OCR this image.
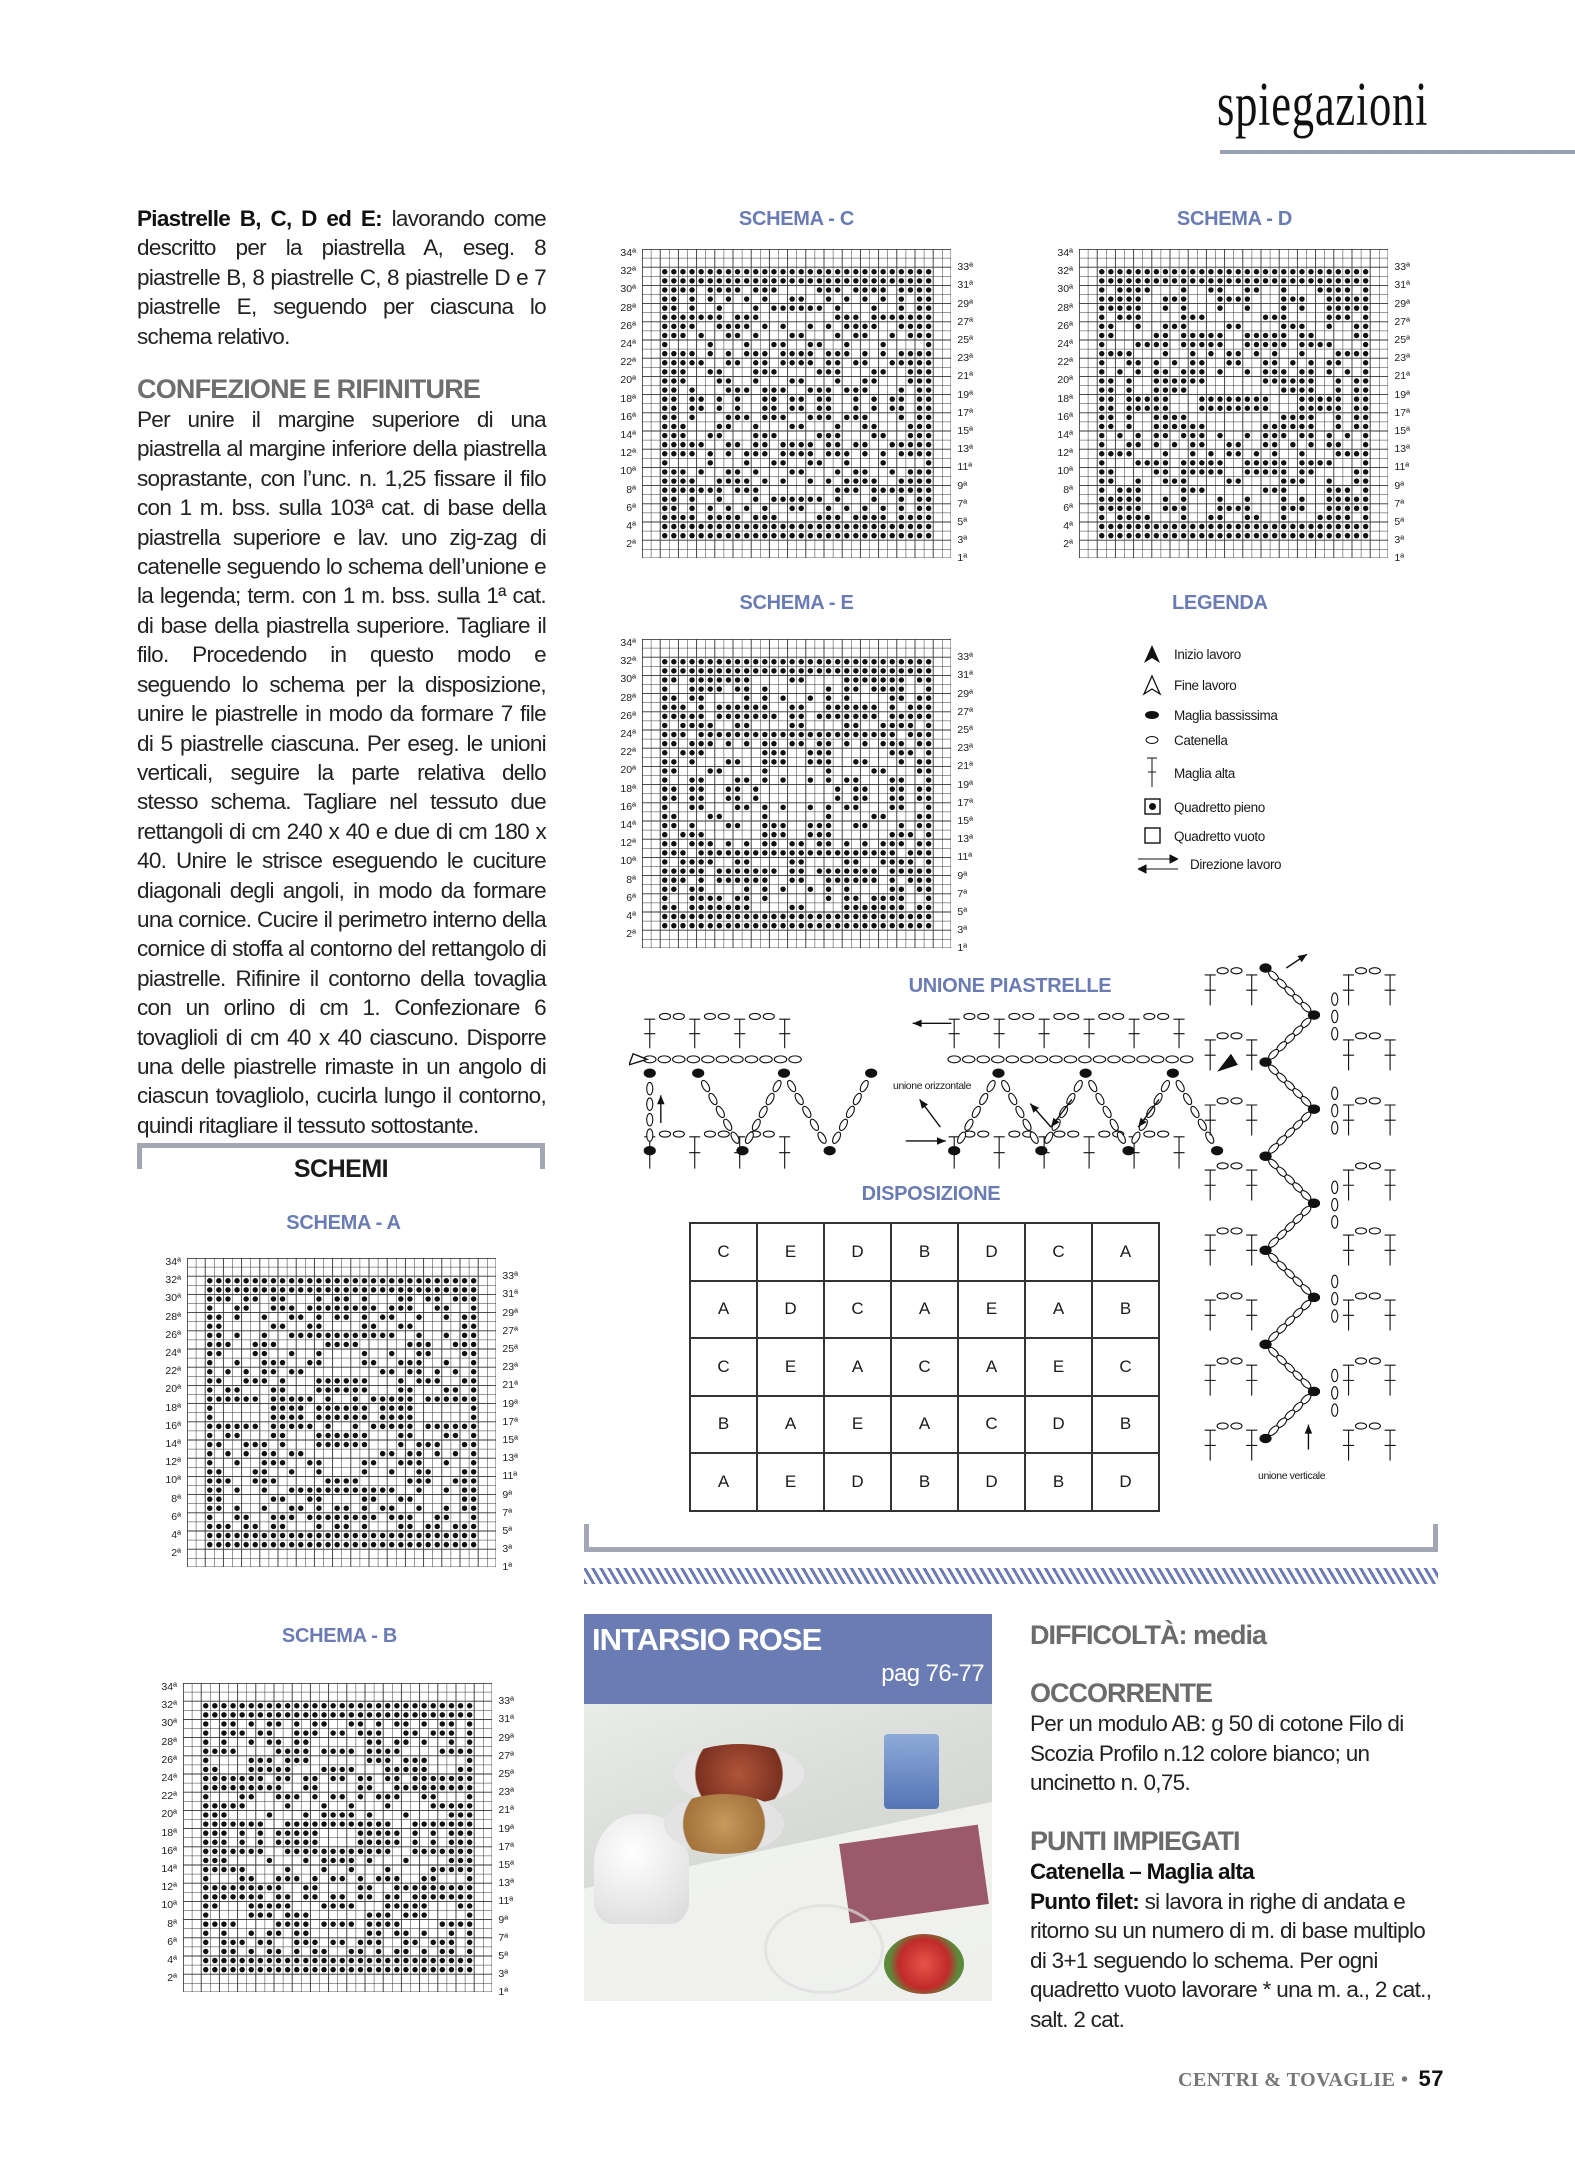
spiegazioni

Piastrelle B, C, D ed E: lavorando come descritto per la piastrella A, eseg. 8 piastrelle B, 8 piastrelle C, 8 piastrelle D e 7 piastrelle E, seguendo per ciascuna lo schema relativo.

CONFEZIONE E RIFINITURE

Per unire il margine superiore di una piastrella al margine inferiore della piastrella soprastante, con l’unc. n. 1,25 fissare il filo con 1 m. bss. sulla 103ª cat. di base della piastrella superiore e lav. uno zig-zag di catenelle seguendo lo schema dell’unione e la legenda; term. con 1 m. bss. sulla 1ª cat. di base della piastrella superiore. Tagliare il filo. Procedendo in questo modo e seguendo lo schema per la disposizione, unire le piastrelle in modo da formare 7 file di 5 piastrelle ciascuna. Per eseg. le unioni verticali, seguire la parte relativa dello stesso schema. Tagliare nel tessuto due rettangoli di cm 240 x 40 e due di cm 180 x 40. Unire le strisce eseguendo le cuciture diagonali degli angoli, in modo da formare una cornice. Cucire il perimetro interno della cornice di stoffa al contorno del rettangolo di piastrelle. Rifinire il contorno della tovaglia con un orlino di cm 1. Confezionare 6 tovaglioli di cm 40 x 40 ciascuno. Disporre una delle piastrelle rimaste in un angolo di ciascun tovagliolo, cucirla lungo il contorno, quindi ritagliare il tessuto sottostante.

SCHEMI
SCHEMA - A
34ª
32ª
30ª
28ª
26ª
24ª
22ª
20ª
18ª
16ª
14ª
12ª
10ª
8ª
6ª
4ª
2ª
33ª
31ª
29ª
27ª
25ª
23ª
21ª
19ª
17ª
15ª
13ª
11ª
9ª
7ª
5ª
3ª
1ª
SCHEMA - B
34ª
32ª
30ª
28ª
26ª
24ª
22ª
20ª
18ª
16ª
14ª
12ª
10ª
8ª
6ª
4ª
2ª
33ª
31ª
29ª
27ª
25ª
23ª
21ª
19ª
17ª
15ª
13ª
11ª
9ª
7ª
5ª
3ª
1ª
SCHEMA - C
34ª
32ª
30ª
28ª
26ª
24ª
22ª
20ª
18ª
16ª
14ª
12ª
10ª
8ª
6ª
4ª
2ª
33ª
31ª
29ª
27ª
25ª
23ª
21ª
19ª
17ª
15ª
13ª
11ª
9ª
7ª
5ª
3ª
1ª
SCHEMA - D
34ª
32ª
30ª
28ª
26ª
24ª
22ª
20ª
18ª
16ª
14ª
12ª
10ª
8ª
6ª
4ª
2ª
33ª
31ª
29ª
27ª
25ª
23ª
21ª
19ª
17ª
15ª
13ª
11ª
9ª
7ª
5ª
3ª
1ª
SCHEMA - E
34ª
32ª
30ª
28ª
26ª
24ª
22ª
20ª
18ª
16ª
14ª
12ª
10ª
8ª
6ª
4ª
2ª
33ª
31ª
29ª
27ª
25ª
23ª
21ª
19ª
17ª
15ª
13ª
11ª
9ª
7ª
5ª
3ª
1ª
LEGENDA
Inizio lavoro
Fine lavoro
Maglia bassissima
Catenella
Maglia alta
Quadretto pieno
Quadretto vuoto
Direzione lavoro
UNIONE PIASTRELLE
unione orizzontale
unione verticale
DISPOSIZIONE
C	E	D	B	D	C	A
A	D	C	A	E	A	B
C	E	A	C	A	E	C
B	A	E	A	C	D	B
A	E	D	B	D	B	D
INTARSIO ROSE
pag 76-77
DIFFICOLTÀ: media
OCCORRENTE

Per un modulo AB: g 50 di cotone Filo di Scozia Profilo n.12 colore bianco; un uncinetto n. 0,75.

PUNTI IMPIEGATI

Catenella – Maglia alta

Punto filet: si lavora in righe di andata e ritorno su un numero di m. di base multiplo di 3+1 seguendo lo schema. Per ogni quadretto vuoto lavorare * una m. a., 2 cat., salt. 2 cat.

CENTRI & TOVAGLIE • 57
